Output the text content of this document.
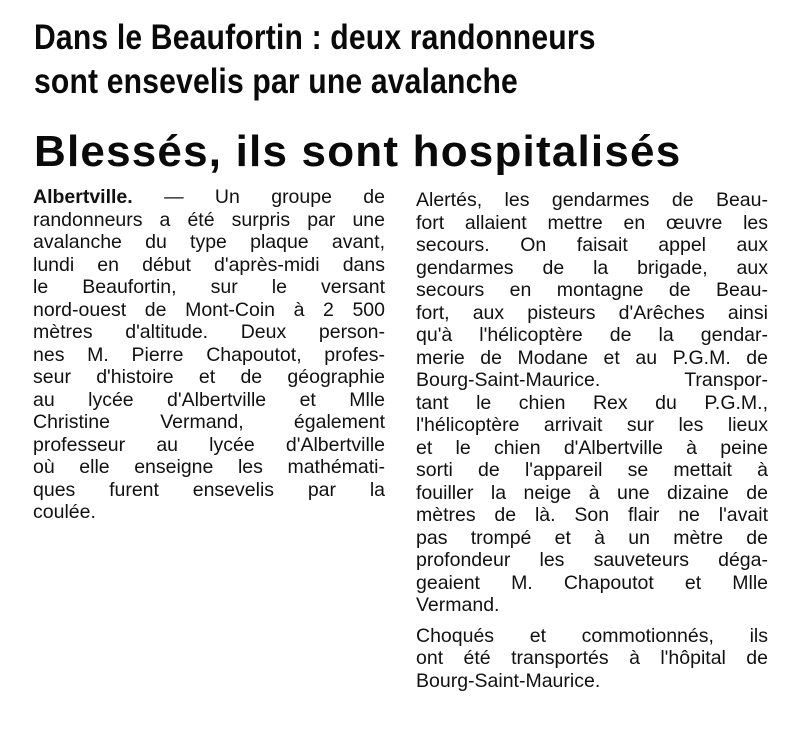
Dans le Beaufortin : deux randonneurs
sont ensevelis par une avalanche
Blessés, ils sont hospitalisés
Albertville. — Un groupe de
randonneurs a été surpris par une
avalanche du type plaque avant,
lundi en début d'après-midi dans
le Beaufortin, sur le versant
nord-ouest de Mont-Coin à 2 500
mètres d'altitude. Deux person-
nes M. Pierre Chapoutot, profes-
seur d'histoire et de géographie
au lycée d'Albertville et Mlle
Christine Vermand, également
professeur au lycée d'Albertville
où elle enseigne les mathémati-
ques furent ensevelis par la
coulée.
Alertés, les gendarmes de Beau-
fort allaient mettre en œuvre les
secours. On faisait appel aux
gendarmes de la brigade, aux
secours en montagne de Beau-
fort, aux pisteurs d'Arêches ainsi
qu'à l'hélicoptère de la gendar-
merie de Modane et au P.G.M. de
Bourg-Saint-Maurice. Transpor-
tant le chien Rex du P.G.M.,
l'hélicoptère arrivait sur les lieux
et le chien d'Albertville à peine
sorti de l'appareil se mettait à
fouiller la neige à une dizaine de
mètres de là. Son flair ne l'avait
pas trompé et à un mètre de
profondeur les sauveteurs déga-
geaient M. Chapoutot et Mlle
Vermand.
Choqués et commotionnés, ils
ont été transportés à l'hôpital de
Bourg-Saint-Maurice.
